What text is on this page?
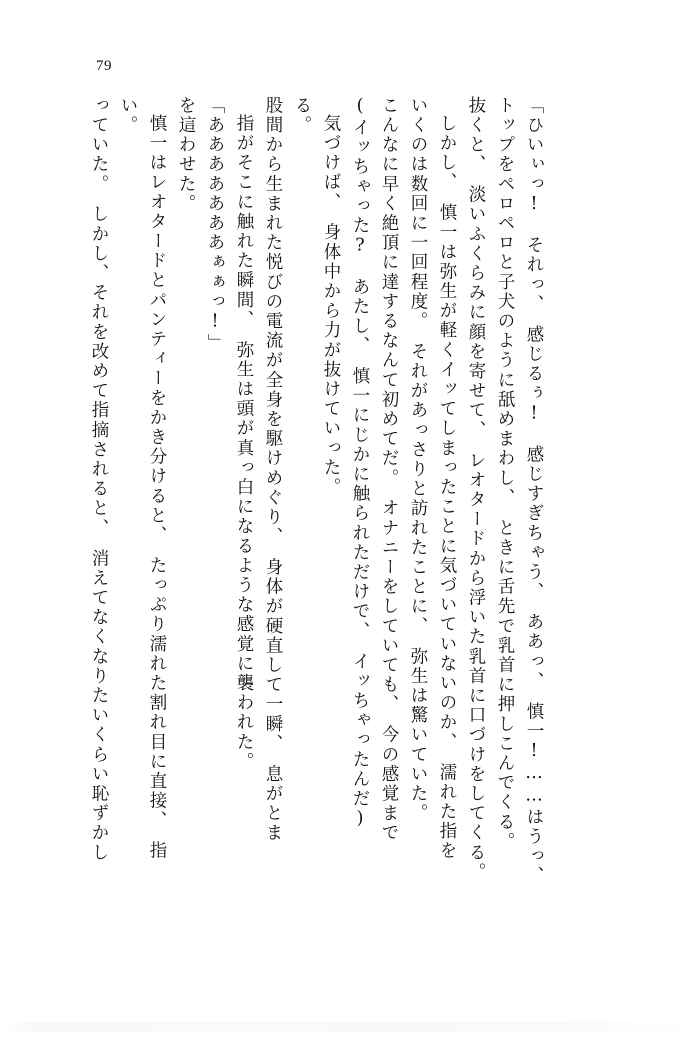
79
っていた。　しかし、それを改めて指摘されると、　消えてなくなりたいくらい恥ずかし い。 慎一はレオタードとパンティーをかき分けると、　たっぷり濡れた割れ目に直接、　指 を這わせた。 「あああああああぁぁっ!」 指がそこに触れた瞬間、　弥生は頭が真っ白になるような感覚に襲われた。 股間から生まれた悦びの電流が全身を駆けめぐり、　身体が硬直して一瞬、　息がとま る。 気づけば、　身体中から力が抜けていった。 (イッちゃった?　あたし、　慎一にじかに触られただけで、　イッちゃったんだ) こんなに早く絶頂に達するなんて初めてだ。　オナニーをしていても、　今の感覚まで いくのは数回に一回程度。　それがあっさりと訪れたことに、　弥生は驚いていた。 しかし、　慎一は弥生が軽くイッてしまったことに気づいていないのか、　濡れた指を 抜くと、　淡いふくらみに顔を寄せて、　レオタードから浮いた乳首に口づけをしてくる。 トップをペロペロと子犬のように舐めまわし、　ときに舌先で乳首に押しこんでくる。 「ひいぃっ!　それっ、　感じるぅ!　感じすぎちゃう、　ああっ、　慎一!……はうっ、
